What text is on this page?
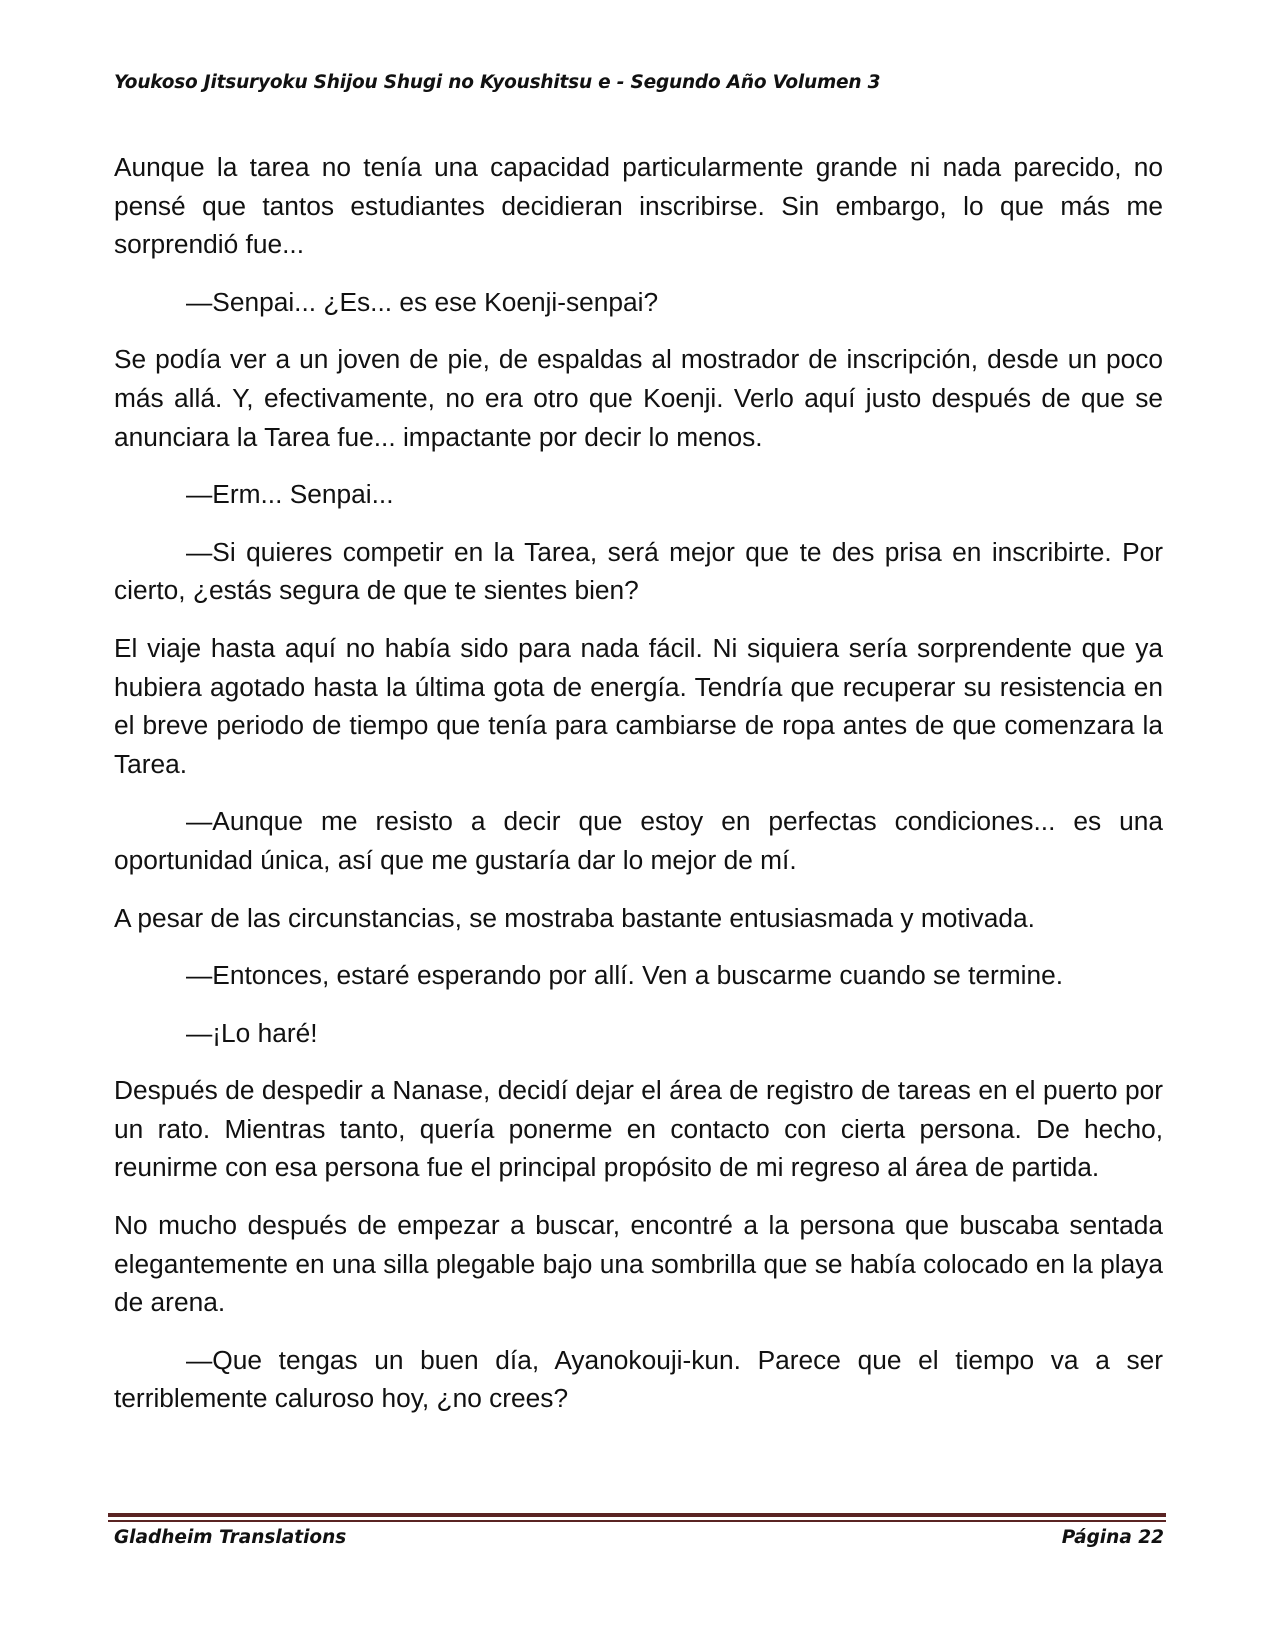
Youkoso Jitsuryoku Shijou Shugi no Kyoushitsu e - Segundo Año Volumen 3

Aunque la tarea no tenía una capacidad particularmente grande ni nada parecido, no pensé que tantos estudiantes decidieran inscribirse. Sin embargo, lo que más me sorprendió fue...

—Senpai... ¿Es... es ese Koenji-senpai?

Se podía ver a un joven de pie, de espaldas al mostrador de inscripción, desde un poco más allá. Y, efectivamente, no era otro que Koenji. Verlo aquí justo después de que se anunciara la Tarea fue... impactante por decir lo menos.

—Erm... Senpai...

—Si quieres competir en la Tarea, será mejor que te des prisa en inscribirte. Por cierto, ¿estás segura de que te sientes bien?

El viaje hasta aquí no había sido para nada fácil. Ni siquiera sería sorprendente que ya hubiera agotado hasta la última gota de energía. Tendría que recuperar su resistencia en el breve periodo de tiempo que tenía para cambiarse de ropa antes de que comenzara la Tarea.

—Aunque me resisto a decir que estoy en perfectas condiciones... es una oportunidad única, así que me gustaría dar lo mejor de mí.

A pesar de las circunstancias, se mostraba bastante entusiasmada y motivada.

—Entonces, estaré esperando por allí. Ven a buscarme cuando se termine.

—¡Lo haré!

Después de despedir a Nanase, decidí dejar el área de registro de tareas en el puerto por un rato. Mientras tanto, quería ponerme en contacto con cierta persona. De hecho, reunirme con esa persona fue el principal propósito de mi regreso al área de partida.

No mucho después de empezar a buscar, encontré a la persona que buscaba sentada elegantemente en una silla plegable bajo una sombrilla que se había colocado en la playa de arena.

—Que tengas un buen día, Ayanokouji-kun. Parece que el tiempo va a ser terriblemente caluroso hoy, ¿no crees?

Gladheim Translations	Página 22
